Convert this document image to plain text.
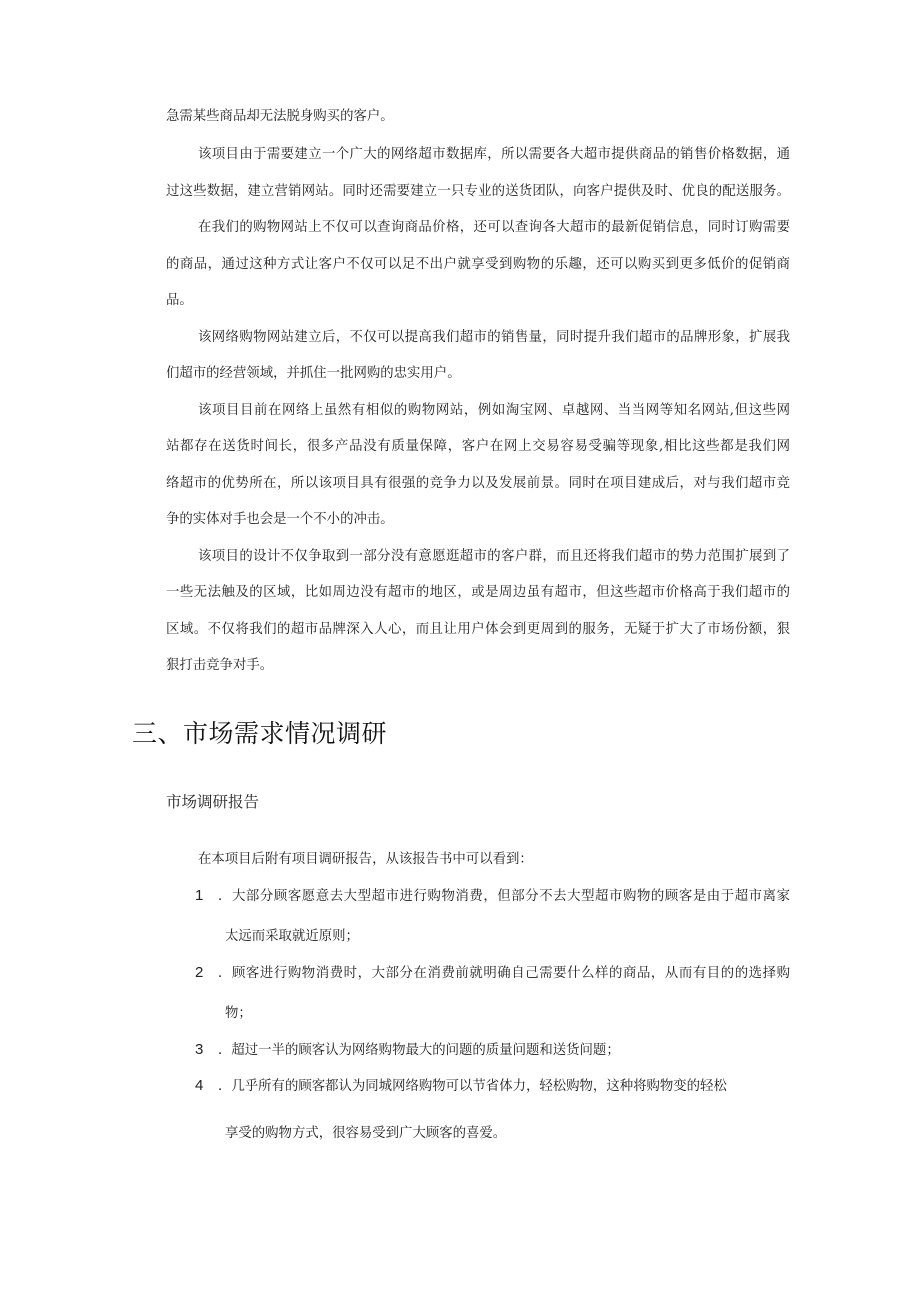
急需某些商品却无法脱身购买的客户。
该项目由于需要建立一个广大的网络超市数据库，所以需要各大超市提供商品的销售价格数据，通
过这些数据，建立营销网站。同时还需要建立一只专业的送货团队，向客户提供及时、优良的配送服务。
在我们的购物网站上不仅可以查询商品价格，还可以查询各大超市的最新促销信息，同时订购需要
的商品，通过这种方式让客户不仅可以足不出户就享受到购物的乐趣，还可以购买到更多低价的促销商
品。
该网络购物网站建立后，不仅可以提高我们超市的销售量，同时提升我们超市的品牌形象，扩展我
们超市的经营领域，并抓住一批网购的忠实用户。
该项目目前在网络上虽然有相似的购物网站，例如淘宝网、卓越网、当当网等知名网站,但这些网
站都存在送货时间长，很多产品没有质量保障，客户在网上交易容易受骗等现象,相比这些都是我们网
络超市的优势所在，所以该项目具有很强的竞争力以及发展前景。同时在项目建成后，对与我们超市竞
争的实体对手也会是一个不小的冲击。
该项目的设计不仅争取到一部分没有意愿逛超市的客户群，而且还将我们超市的势力范围扩展到了
一些无法触及的区域，比如周边没有超市的地区，或是周边虽有超市，但这些超市价格高于我们超市的
区域。不仅将我们的超市品牌深入人心，而且让用户体会到更周到的服务，无疑于扩大了市场份额，狠
狠打击竞争对手。
三、市场需求情况调研
市场调研报告
在本项目后附有项目调研报告，从该报告书中可以看到：
1 ．大部分顾客愿意去大型超市进行购物消费，但部分不去大型超市购物的顾客是由于超市离家
太远而采取就近原则；
2 ．顾客进行购物消费时，大部分在消费前就明确自己需要什么样的商品，从而有目的的选择购
物；
3 ．超过一半的顾客认为网络购物最大的问题的质量问题和送货问题；
4 ．几乎所有的顾客都认为同城网络购物可以节省体力，轻松购物，这种将购物变的轻松
享受的购物方式，很容易受到广大顾客的喜爱。
